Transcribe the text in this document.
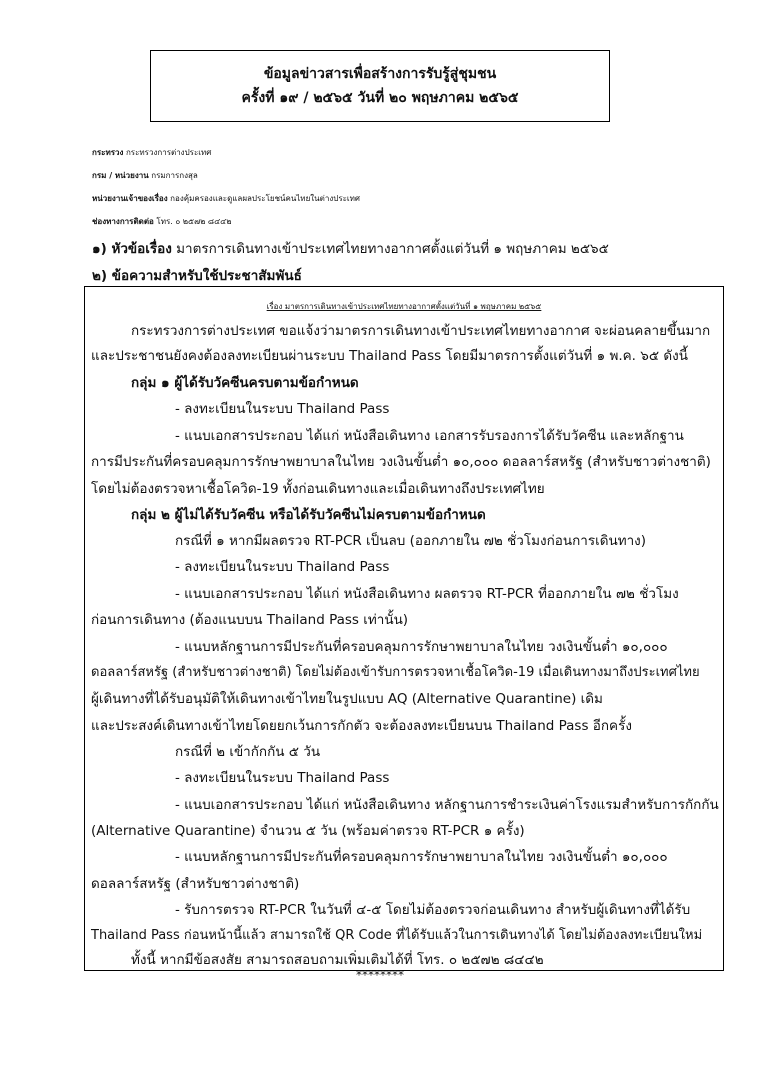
ข้อมูลข่าวสารเพื่อสร้างการรับรู้สู่ชุมชน
ครั้งที่ ๑๙ / ๒๕๖๕ วันที่ ๒๐ พฤษภาคม ๒๕๖๕
กระทรวง กระทรวงการต่างประเทศ
กรม / หน่วยงาน กรมการกงสุล
หน่วยงานเจ้าของเรื่อง กองคุ้มครองและดูแลผลประโยชน์คนไทยในต่างประเทศ
ช่องทางการติดต่อ โทร. ๐ ๒๕๗๒ ๘๔๔๒
๑) หัวข้อเรื่อง มาตรการเดินทางเข้าประเทศไทยทางอากาศตั้งแต่วันที่ ๑ พฤษภาคม ๒๕๖๕
๒) ข้อความสำหรับใช้ประชาสัมพันธ์
เรื่อง มาตรการเดินทางเข้าประเทศไทยทางอากาศตั้งแต่วันที่ ๑ พฤษภาคม ๒๕๖๕
กระทรวงการต่างประเทศ ขอแจ้งว่ามาตรการเดินทางเข้าประเทศไทยทางอากาศ จะผ่อนคลายขึ้นมาก
และประชาชนยังคงต้องลงทะเบียนผ่านระบบ Thailand Pass โดยมีมาตรการตั้งแต่วันที่ ๑ พ.ค. ๖๕ ดังนี้
กลุ่ม ๑ ผู้ได้รับวัคซีนครบตามข้อกำหนด
- ลงทะเบียนในระบบ Thailand Pass
- แนบเอกสารประกอบ ได้แก่ หนังสือเดินทาง เอกสารรับรองการได้รับวัคซีน และหลักฐาน
การมีประกันที่ครอบคลุมการรักษาพยาบาลในไทย วงเงินขั้นต่ำ ๑๐,๐๐๐ ดอลลาร์สหรัฐ (สำหรับชาวต่างชาติ)
โดยไม่ต้องตรวจหาเชื้อโควิด-19 ทั้งก่อนเดินทางและเมื่อเดินทางถึงประเทศไทย
กลุ่ม ๒ ผู้ไม่ได้รับวัคซีน หรือได้รับวัคซีนไม่ครบตามข้อกำหนด
กรณีที่ ๑ หากมีผลตรวจ RT-PCR เป็นลบ (ออกภายใน ๗๒ ชั่วโมงก่อนการเดินทาง)
- ลงทะเบียนในระบบ Thailand Pass
- แนบเอกสารประกอบ ได้แก่ หนังสือเดินทาง ผลตรวจ RT-PCR ที่ออกภายใน ๗๒ ชั่วโมง
ก่อนการเดินทาง (ต้องแนบบน Thailand Pass เท่านั้น)
- แนบหลักฐานการมีประกันที่ครอบคลุมการรักษาพยาบาลในไทย วงเงินขั้นต่ำ ๑๐,๐๐๐
ดอลลาร์สหรัฐ (สำหรับชาวต่างชาติ) โดยไม่ต้องเข้ารับการตรวจหาเชื้อโควิด-19 เมื่อเดินทางมาถึงประเทศไทย
ผู้เดินทางที่ได้รับอนุมัติให้เดินทางเข้าไทยในรูปแบบ AQ (Alternative Quarantine) เดิม
และประสงค์เดินทางเข้าไทยโดยยกเว้นการกักตัว จะต้องลงทะเบียนบน Thailand Pass อีกครั้ง
กรณีที่ ๒ เข้ากักกัน ๕ วัน
- ลงทะเบียนในระบบ Thailand Pass
- แนบเอกสารประกอบ ได้แก่ หนังสือเดินทาง หลักฐานการชำระเงินค่าโรงแรมสำหรับการกักกัน
(Alternative Quarantine) จำนวน ๕ วัน (พร้อมค่าตรวจ RT-PCR ๑ ครั้ง)
- แนบหลักฐานการมีประกันที่ครอบคลุมการรักษาพยาบาลในไทย วงเงินขั้นต่ำ ๑๐,๐๐๐
ดอลลาร์สหรัฐ (สำหรับชาวต่างชาติ)
- รับการตรวจ RT-PCR ในวันที่ ๔-๕ โดยไม่ต้องตรวจก่อนเดินทาง สำหรับผู้เดินทางที่ได้รับ
Thailand Pass ก่อนหน้านี้แล้ว สามารถใช้ QR Code ที่ได้รับแล้วในการเดินทางได้ โดยไม่ต้องลงทะเบียนใหม่
ทั้งนี้ หากมีข้อสงสัย สามารถสอบถามเพิ่มเติมได้ที่ โทร. ๐ ๒๕๗๒ ๘๔๔๒
********
